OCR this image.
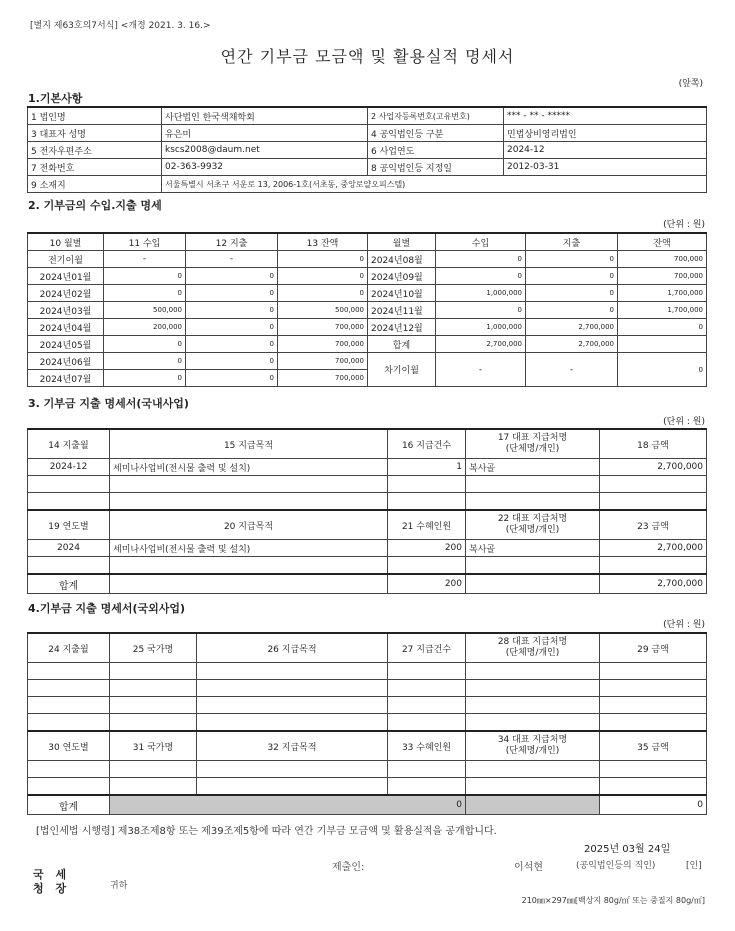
[별지 제63호의7서식] <개정 2021. 3. 16.>
연간 기부금 모금액 및 활용실적 명세서
(앞쪽)
1.기본사항
1 법인명	사단법인 한국색채학회	2 사업자등록번호(고유번호)	*** - ** - *****
3 대표자 성명	유은미	4 공익법인등 구분	민법상비영리법인
5 전자우편주소	kscs2008@daum.net	6 사업연도	2024-12
7 전화번호	02-363-9932	8 공익법인등 지정일	2012-03-31
9 소재지	서울특별시 서초구 서운로 13, 2006-1호(서초동, 중앙로얄오피스텔)		
2. 기부금의 수입.지출 명세
(단위 : 원)
10 월별	11 수입	12 지출	13 잔액	월별	수입	지출	잔액
전기이월	-	-	0	2024년08월	0	0	700,000
2024년01월	0	0	0	2024년09월	0	0	700,000
2024년02월	0	0	0	2024년10월	1,000,000	0	1,700,000
2024년03월	500,000	0	500,000	2024년11월	0	0	1,700,000
2024년04월	200,000	0	700,000	2024년12월	1,000,000	2,700,000	0
2024년05월	0	0	700,000	합계	2,700,000	2,700,000	
2024년06월	0	0	700,000	차기이월	-	-	0
2024년07월	0	0	700,000				
3. 기부금 지출 명세서(국내사업)
(단위 : 원)
14 지출월	15 지급목적	16 지급건수	17 대표 지급처명
(단체명/개인)	18 금액
2024-12	세미나사업비(전시물 출력 및 설치)	1	복사골	2,700,000

19 연도별	20 지급목적	21 수혜인원	22 대표 지급처명
(단체명/개인)	23 금액
2024	세미나사업비(전시물 출력 및 설치)	200	복사골	2,700,000

합계		200		2,700,000
4.기부금 지출 명세서(국외사업)
(단위 : 원)
24 지출월	25 국가명	26 지급목적	27 지급건수	28 대표 지급처명
(단체명/개인)	29 금액

30 연도별	31 국가명	32 지급목적	33 수혜인원	34 대표 지급처명
(단체명/개인)	35 금액

합계	0				0
[법인세법 시행령] 제38조제8항 또는 제39조제5항에 따라 연간 기부금 모금액 및 활용실적을 공개합니다.
2025년 03월 24일
제출인:	이석현	(공익법인등의 직인)	[인]
국 세 청 장	귀하
210㎜×297㎜[백상지 80g/㎡ 또는 중질지 80g/㎡]
